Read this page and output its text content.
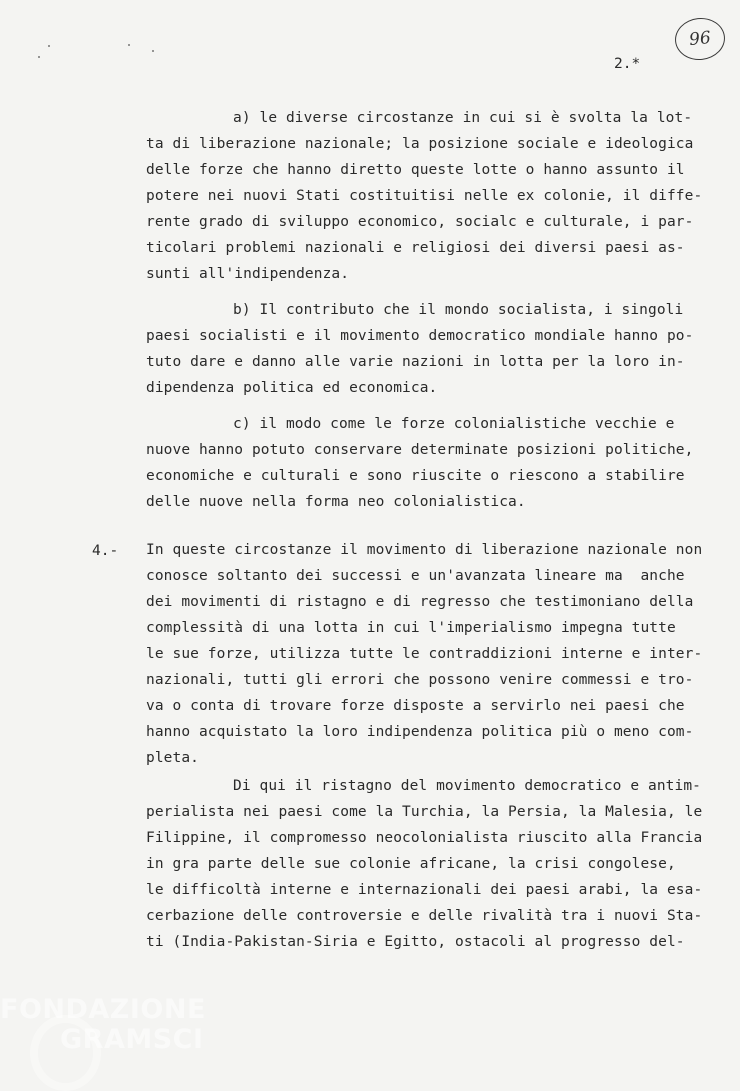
96
2.*
a) le diverse circostanze in cui si è svolta la lot-
ta di liberazione nazionale; la posizione sociale e ideologica
delle forze che hanno diretto queste lotte o hanno assunto il
potere nei nuovi Stati costituitisi nelle ex colonie, il diffe-
rente grado di sviluppo economico, socialc e culturale, i par-
ticolari problemi nazionali e religiosi dei diversi paesi as-
sunti all'indipendenza.
b) Il contributo che il mondo socialista, i singoli
paesi socialisti e il movimento democratico mondiale hanno po-
tuto dare e danno alle varie nazioni in lotta per la loro in-
dipendenza politica ed economica.
c) il modo come le forze colonialistiche vecchie e
nuove hanno potuto conservare determinate posizioni politiche,
economiche e culturali e sono riuscite o riescono a stabilire
delle nuove nella forma neo colonialistica.
4.- In queste circostanze il movimento di liberazione nazionale non
conosce soltanto dei successi e un'avanzata lineare ma  anche
dei movimenti di ristagno e di regresso che testimoniano della
complessità di una lotta in cui l'imperialismo impegna tutte
le sue forze, utilizza tutte le contraddizioni interne e inter-
nazionali, tutti gli errori che possono venire commessi e tro-
va o conta di trovare forze disposte a servirlo nei paesi che
hanno acquistato la loro indipendenza politica più o meno com-
pleta.
Di qui il ristagno del movimento democratico e antim-
perialista nei paesi come la Turchia, la Persia, la Malesia, le
Filippine, il compromesso neocolonialista riuscito alla Francia
in gra parte delle sue colonie africane, la crisi congolese,
le difficoltà interne e internazionali dei paesi arabi, la esa-
cerbazione delle controversie e delle rivalità tra i nuovi Sta-
ti (India-Pakistan-Siria e Egitto, ostacoli al progresso del-
FONDAZIONE
GRAMSCI
